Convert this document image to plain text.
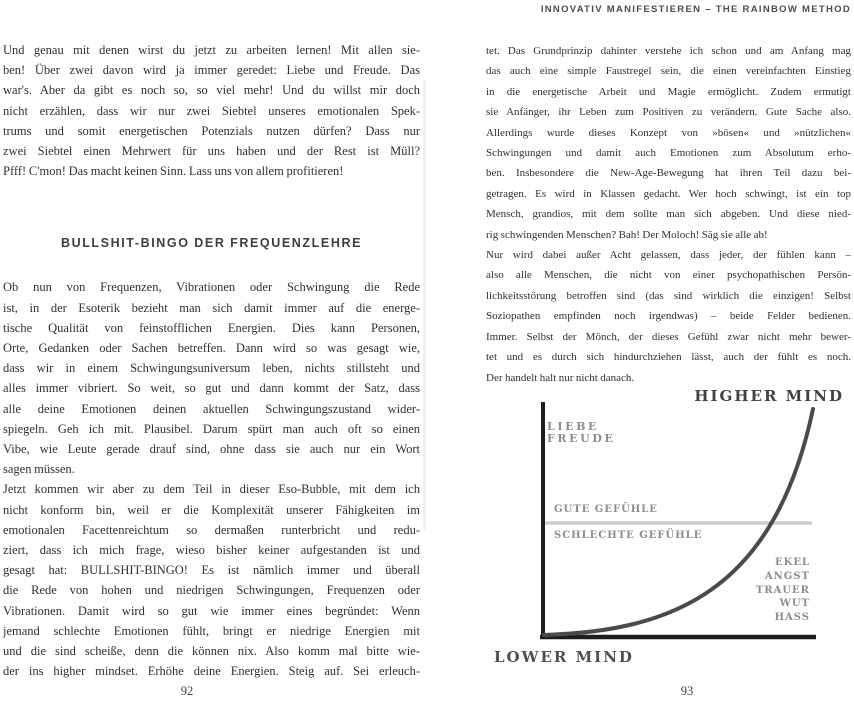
INNOVATIV MANIFESTIEREN – THE RAINBOW METHOD
Und genau mit denen wirst du jetzt zu arbeiten lernen! Mit allen sie-
ben! Über zwei davon wird ja immer geredet: Liebe und Freude. Das
war's. Aber da gibt es noch so, so viel mehr! Und du willst mir doch
nicht erzählen, dass wir nur zwei Siebtel unseres emotionalen Spek-
trums und somit energetischen Potenzials nutzen dürfen? Dass nur
zwei Siebtel einen Mehrwert für uns haben und der Rest ist Müll?
Pfff! C'mon! Das macht keinen Sinn. Lass uns von allem profitieren!
BULLSHIT-BINGO DER FREQUENZLEHRE
Ob nun von Frequenzen, Vibrationen oder Schwingung die Rede
ist, in der Esoterik bezieht man sich damit immer auf die energe-
tische Qualität von feinstofflichen Energien. Dies kann Personen,
Orte, Gedanken oder Sachen betreffen. Dann wird so was gesagt wie,
dass wir in einem Schwingungsuniversum leben, nichts stillsteht und
alles immer vibriert. So weit, so gut und dann kommt der Satz, dass
alle deine Emotionen deinen aktuellen Schwingungszustand wider-
spiegeln. Geh ich mit. Plausibel. Darum spürt man auch oft so einen
Vibe, wie Leute gerade drauf sind, ohne dass sie auch nur ein Wort
sagen müssen.
Jetzt kommen wir aber zu dem Teil in dieser Eso-Bubble, mit dem ich
nicht konform bin, weil er die Komplexität unserer Fähigkeiten im
emotionalen Facettenreichtum so dermaßen runterbricht und redu-
ziert, dass ich mich frage, wieso bisher keiner aufgestanden ist und
gesagt hat: BULLSHIT-BINGO! Es ist nämlich immer und überall
die Rede von hohen und niedrigen Schwingungen, Frequenzen oder
Vibrationen. Damit wird so gut wie immer eines begründet: Wenn
jemand schlechte Emotionen fühlt, bringt er niedrige Energien mit
und die sind scheiße, denn die können nix. Also komm mal bitte wie-
der ins higher mindset. Erhöhe deine Energien. Steig auf. Sei erleuch-
tet. Das Grundprinzip dahinter verstehe ich schon und am Anfang mag
das auch eine simple Faustregel sein, die einen vereinfachten Einstieg
in die energetische Arbeit und Magie ermöglicht. Zudem ermutigt
sie Anfänger, ihr Leben zum Positiven zu verändern. Gute Sache also.
Allerdings wurde dieses Konzept von »bösen« und »nützlichen«
Schwingungen und damit auch Emotionen zum Absolutum erho-
ben. Insbesondere die New-Age-Bewegung hat ihren Teil dazu bei-
getragen. Es wird in Klassen gedacht. Wer hoch schwingt, ist ein top
Mensch, grandios, mit dem sollte man sich abgeben. Und diese nied-
rig schwingenden Menschen? Bah! Der Moloch! Säg sie alle ab!
Nur wird dabei außer Acht gelassen, dass jeder, der fühlen kann –
also alle Menschen, die nicht von einer psychopathischen Persön-
lichkeitsstörung betroffen sind (das sind wirklich die einzigen! Selbst
Soziopathen empfinden noch irgendwas) – beide Felder bedienen.
Immer. Selbst der Mönch, der dieses Gefühl zwar nicht mehr bewer-
tet und es durch sich hindurchziehen lässt, auch der fühlt es noch.
Der handelt halt nur nicht danach.
HIGHER MIND
LIEBE
FREUDE
GUTE GEFÜHLE
SCHLECHTE GEFÜHLE
EKEL
ANGST
TRAUER
WUT
HASS
LOWER MIND
92	93
